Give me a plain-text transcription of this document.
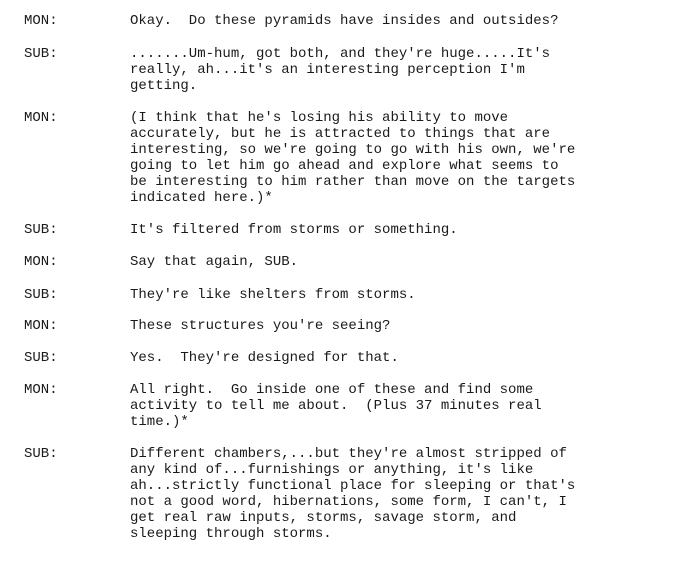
MON:	Okay.  Do these pyramids have insides and outsides?
SUB:	.......Um-hum, got both, and they're huge.....It's
really, ah...it's an interesting perception I'm
getting.
MON:	(I think that he's losing his ability to move
accurately, but he is attracted to things that are
interesting, so we're going to go with his own, we're
going to let him go ahead and explore what seems to
be interesting to him rather than move on the targets
indicated here.)*
SUB:	It's filtered from storms or something.
MON:	Say that again, SUB.
SUB:	They're like shelters from storms.
MON:	These structures you're seeing?
SUB:	Yes.  They're designed for that.
MON:	All right.  Go inside one of these and find some
activity to tell me about.  (Plus 37 minutes real
time.)*
SUB:	Different chambers,...but they're almost stripped of
any kind of...furnishings or anything, it's like
ah...strictly functional place for sleeping or that's
not a good word, hibernations, some form, I can't, I
get real raw inputs, storms, savage storm, and
sleeping through storms.
